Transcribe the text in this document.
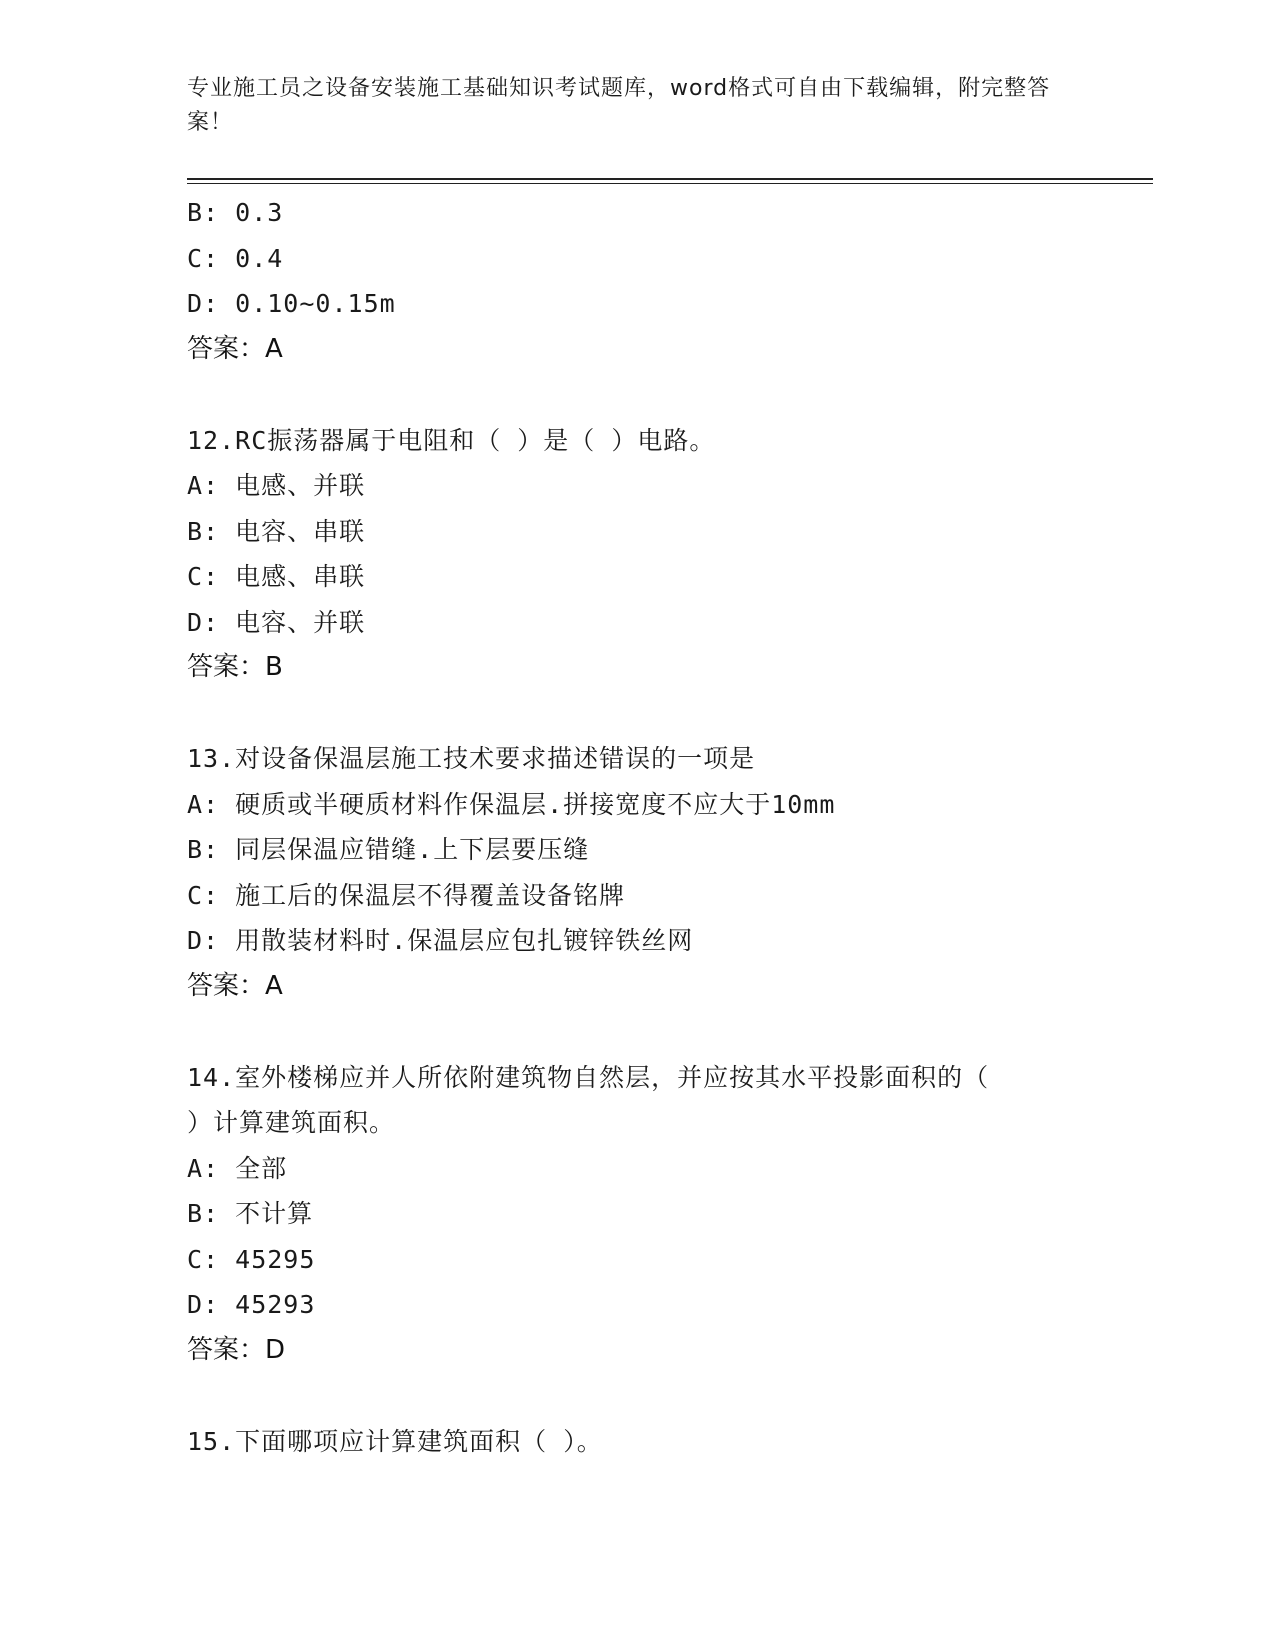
专业施工员之设备安装施工基础知识考试题库，word格式可自由下载编辑，附完整答案！
B: 0.3
C: 0.4
D: 0.10~0.15m
答案：A
12.RC振荡器属于电阻和（ ）是（ ）电路。
A: 电感、并联
B: 电容、串联
C: 电感、串联
D: 电容、并联
答案：B
13.对设备保温层施工技术要求描述错误的一项是
A: 硬质或半硬质材料作保温层.拼接宽度不应大于10mm
B: 同层保温应错缝.上下层要压缝
C: 施工后的保温层不得覆盖设备铭牌
D: 用散装材料时.保温层应包扎镀锌铁丝网
答案：A
14.室外楼梯应并人所依附建筑物自然层，并应按其水平投影面积的（
）计算建筑面积。
A: 全部
B: 不计算
C: 45295
D: 45293
答案：D
15.下面哪项应计算建筑面积（ ）。
